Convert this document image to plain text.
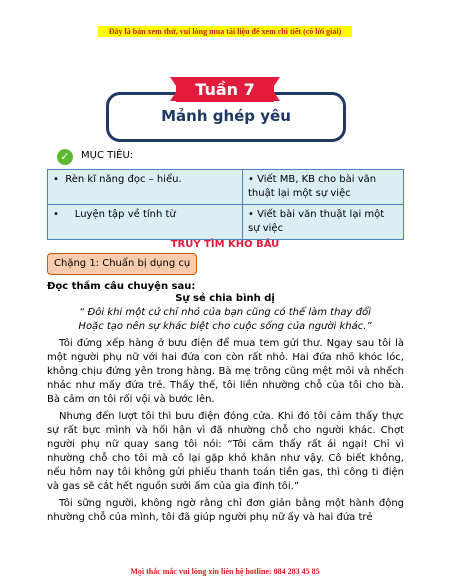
Đây là bản xem thử, vui lòng mua tài liệu để xem chi tiết (có lời giải)
Tuần 7
Mảnh ghép yêu
✓	MỤC TIÊU:
•  Rèn kĩ năng đọc – hiểu.	• Viết MB, KB cho bài văn thuật lại một sự việc
•     Luyện tập về tính từ	• Viết bài văn thuật lại một sự việc
TRUY TÌM KHO BÁU
Chặng 1: Chuẩn bị dụng cụ
Đọc thầm câu chuyện sau:
Sự sẻ chia bình dị
“ Đôi khi một cử chỉ nhỏ của bạn cũng có thể làm thay đổi
Hoặc tạo nên sự khác biệt cho cuộc sống của người khác.”
Tôi đứng xếp hàng ở bưu điện để mua tem gửi thư. Ngay sau tôi là một người phụ nữ với hai đứa con còn rất nhỏ. Hai đứa nhỏ khóc lóc, không chịu đứng yên trong hàng. Bà mẹ trông cũng mệt mỏi và nhếch nhác như mấy đứa trẻ. Thấy thế, tôi liền nhường chỗ của tôi cho bà. Bà cảm ơn tôi rối vội và bước lên.
Nhưng đến lượt tôi thì bưu điện đóng cửa. Khi đó tôi cảm thấy thực sự rất bực mình và hối hận vì đã nhường chỗ cho người khác. Chợt người phụ nữ quay sang tôi nói: “Tôi cảm thấy rất ái ngại! Chỉ vì nhường chỗ cho tôi mà cô lại gặp khó khăn như vậy. Cô biết không, nếu hôm nay tôi không gửi phiếu thanh toán tiền gas, thì công ti điện và gas sẽ cắt hết nguồn sưởi ấm của gia đình tôi.”
Tôi sững người, không ngờ rằng chỉ đơn giản bằng một hành động nhường chỗ của mình, tôi đã giúp người phụ nữ ấy và hai đứa trẻ
Mọi thắc mắc vui lòng xin liên hệ hotline: 084 283 45 85
